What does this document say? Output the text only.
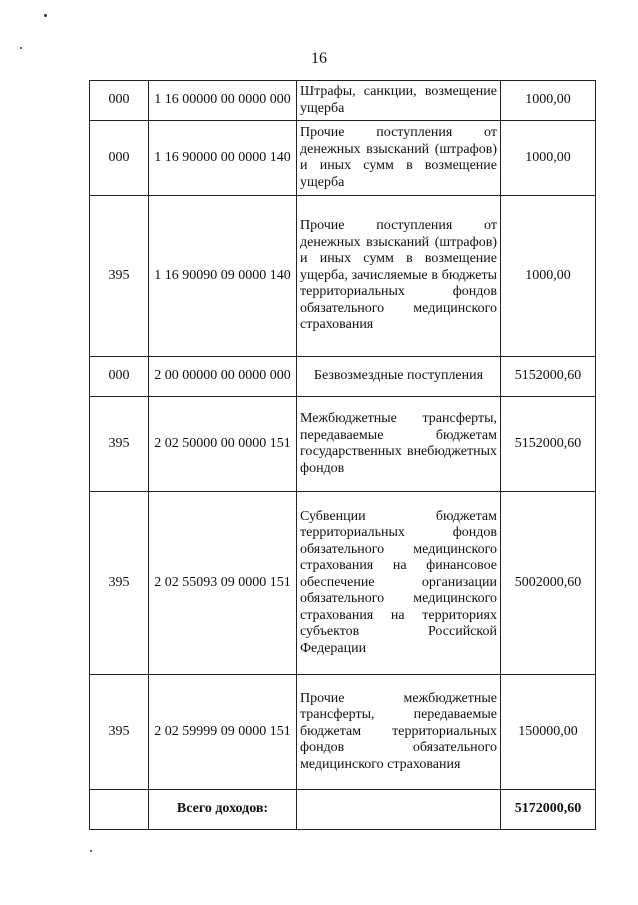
16
000	1 16 00000 00 0000 000	Штрафы, санкции, возмещение ущерба	1000,00
000	1 16 90000 00 0000 140	Прочие поступления от денежных взысканий (штрафов) и иных сумм в возмещение ущерба	1000,00
395	1 16 90090 09 0000 140	Прочие поступления от денежных взысканий (штрафов) и иных сумм в возмещение ущерба, зачисляемые в бюджеты территориальных фондов обязательного медицинского страхования	1000,00
000	2 00 00000 00 0000 000	Безвозмездные поступления	5152000,60
395	2 02 50000 00 0000 151	Межбюджетные трансферты, передаваемые бюджетам государственных внебюджетных фондов	5152000,60
395	2 02 55093 09 0000 151	Субвенции бюджетам территориальных фондов обязательного медицинского страхования на финансовое обеспечение организации обязательного медицинского страхования на территориях субъектов Российской Федерации	5002000,60
395	2 02 59999 09 0000 151	Прочие межбюджетные трансферты, передаваемые бюджетам территориальных фондов обязательного медицинского страхования	150000,00
	Всего доходов:		5172000,60
